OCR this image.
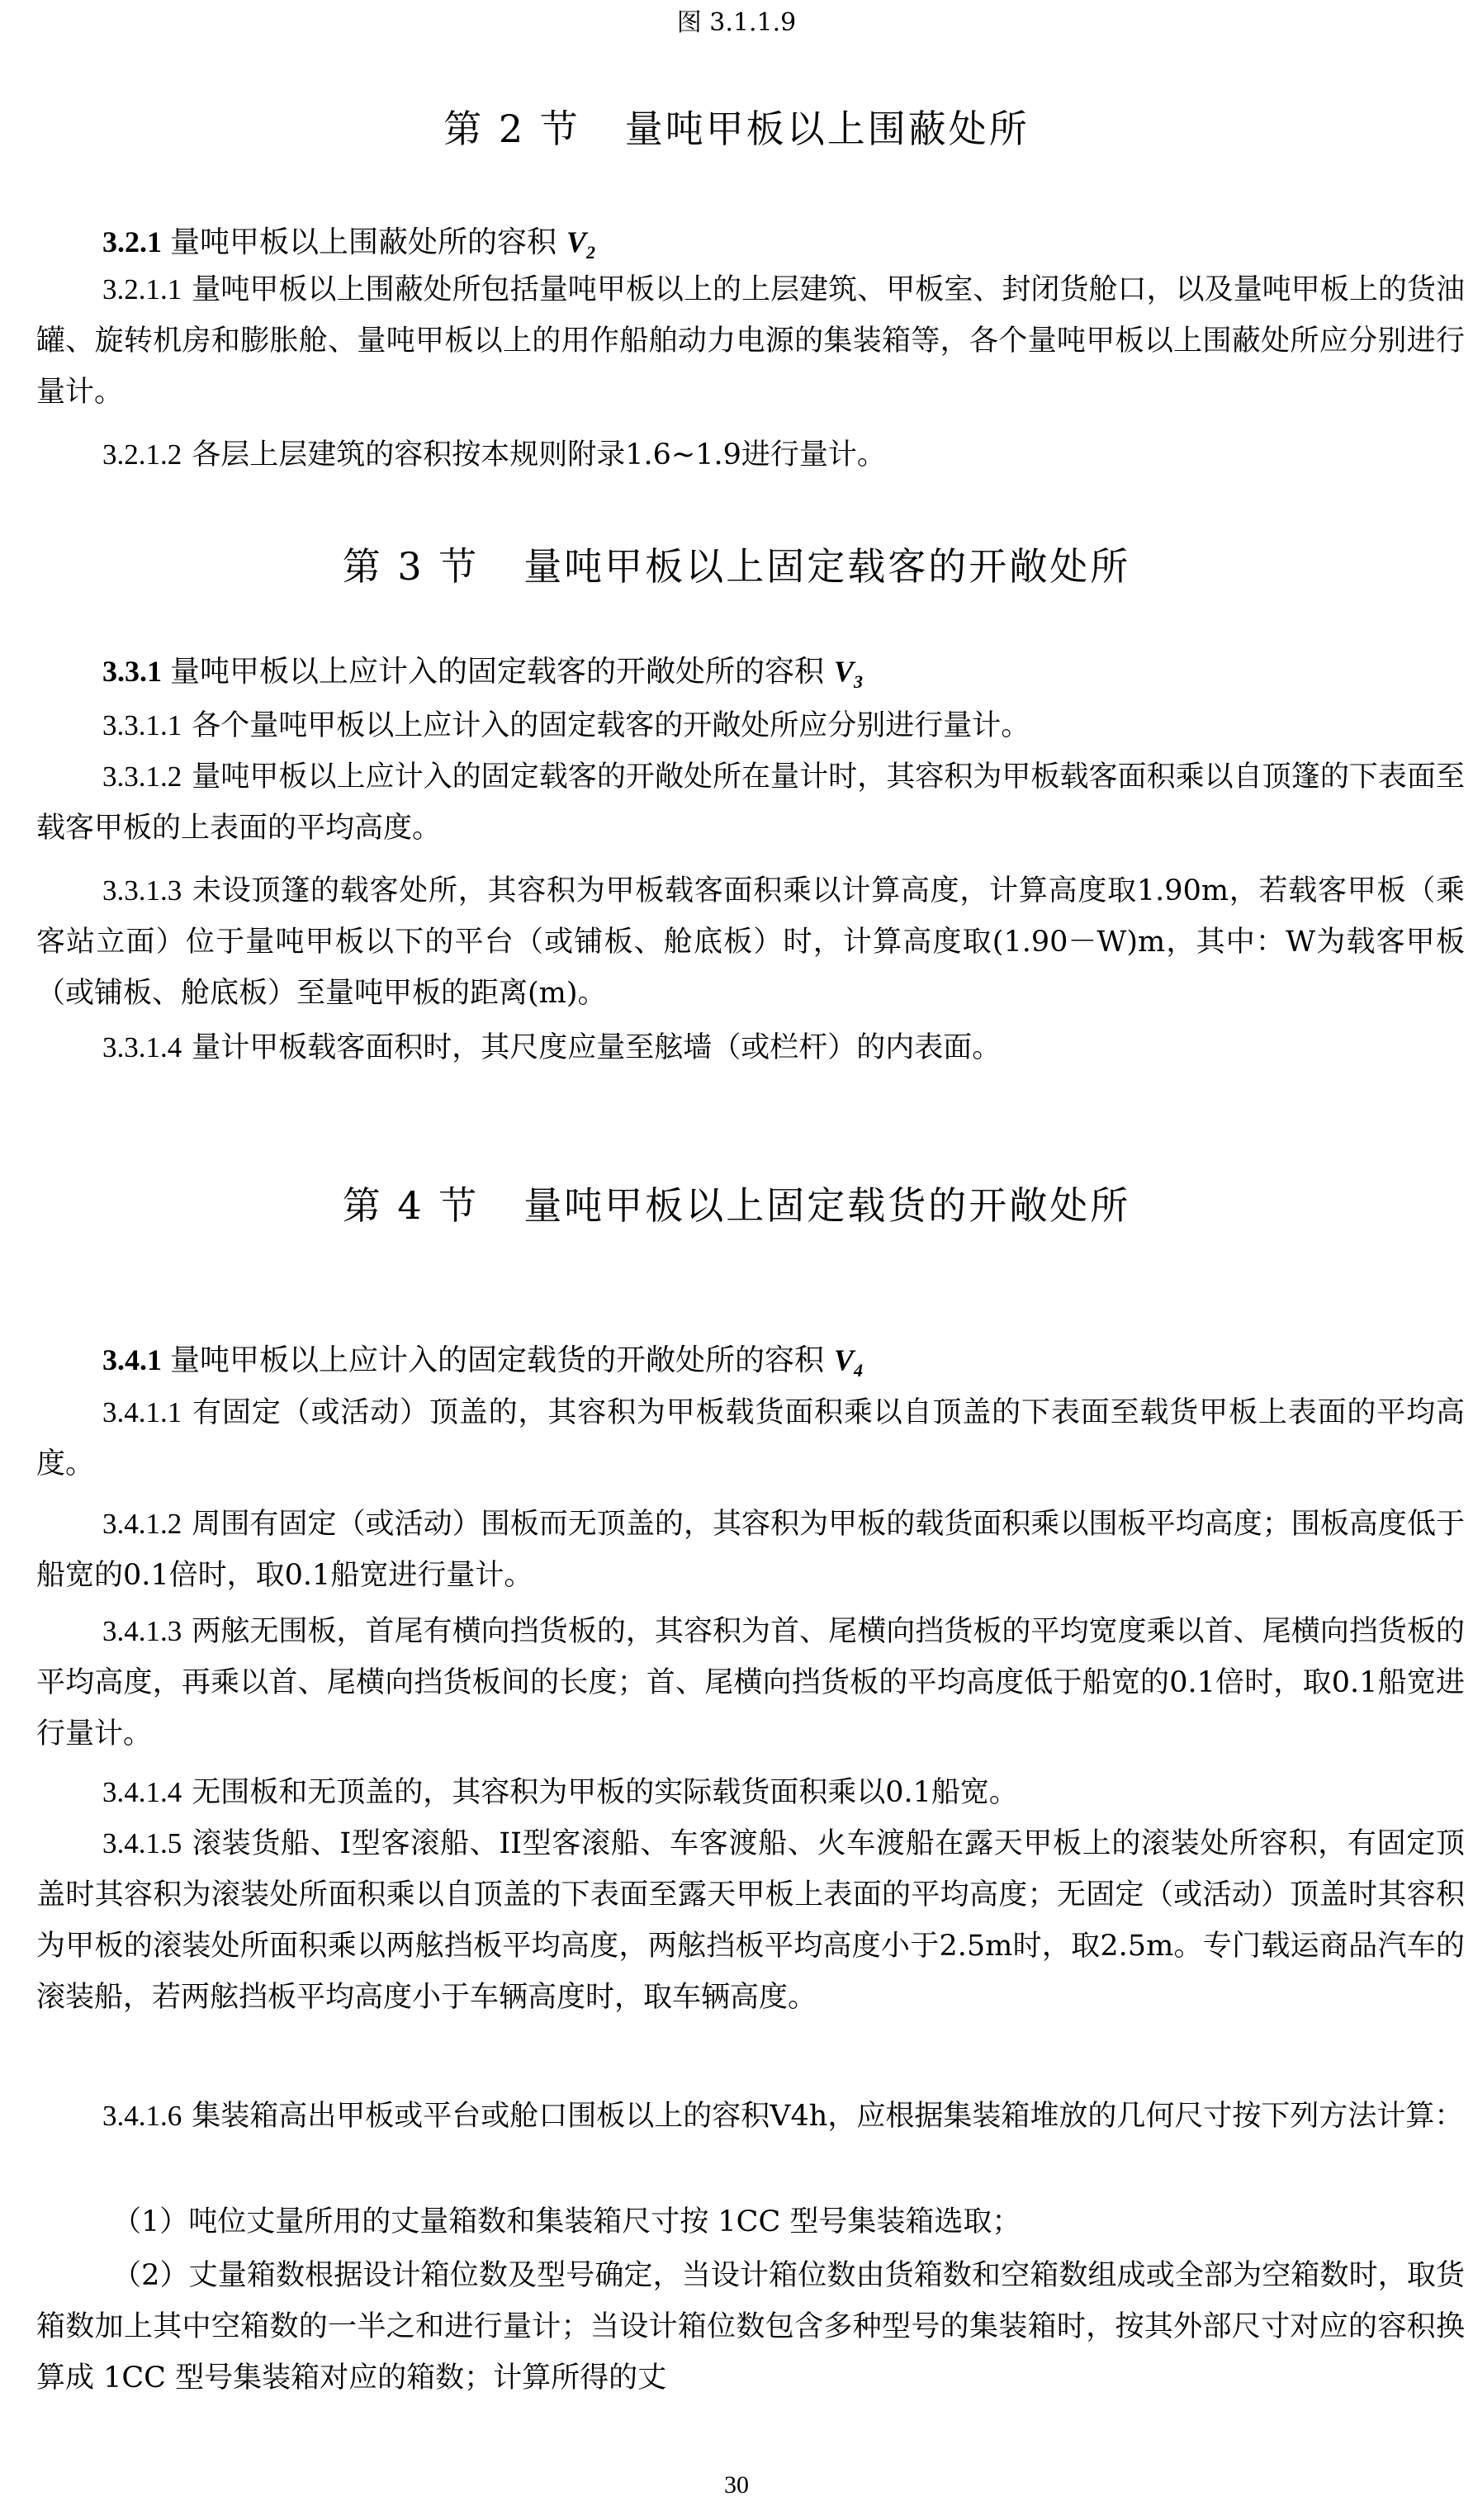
图 3.1.1.9
第 2 节 量吨甲板以上围蔽处所
3.2.1 量吨甲板以上围蔽处所的容积 $V_2$

3.2.1.1 量吨甲板以上围蔽处所包括量吨甲板以上的上层建筑、甲板室、封闭货舱口，以及量吨甲板上的货油罐、旋转机房和膨胀舱、量吨甲板以上的用作船舶动力电源的集装箱等，各个量吨甲板以上围蔽处所应分别进行量计。

3.2.1.2 各层上层建筑的容积按本规则附录1.6~1.9进行量计。

第 3 节 量吨甲板以上固定载客的开敞处所
3.3.1 量吨甲板以上应计入的固定载客的开敞处所的容积 $V_3$

3.3.1.1 各个量吨甲板以上应计入的固定载客的开敞处所应分别进行量计。

3.3.1.2 量吨甲板以上应计入的固定载客的开敞处所在量计时，其容积为甲板载客面积乘以自顶篷的下表面至载客甲板的上表面的平均高度。

3.3.1.3 未设顶篷的载客处所，其容积为甲板载客面积乘以计算高度，计算高度取1.90m，若载客甲板（乘客站立面）位于量吨甲板以下的平台（或铺板、舱底板）时，计算高度取(1.90－W)m，其中：W为载客甲板（或铺板、舱底板）至量吨甲板的距离(m)。

3.3.1.4 量计甲板载客面积时，其尺度应量至舷墙（或栏杆）的内表面。

第 4 节 量吨甲板以上固定载货的开敞处所
3.4.1 量吨甲板以上应计入的固定载货的开敞处所的容积 $V_4$

3.4.1.1 有固定（或活动）顶盖的，其容积为甲板载货面积乘以自顶盖的下表面至载货甲板上表面的平均高度。

3.4.1.2 周围有固定（或活动）围板而无顶盖的，其容积为甲板的载货面积乘以围板平均高度；围板高度低于船宽的0.1倍时，取0.1船宽进行量计。

3.4.1.3 两舷无围板，首尾有横向挡货板的，其容积为首、尾横向挡货板的平均宽度乘以首、尾横向挡货板的平均高度，再乘以首、尾横向挡货板间的长度；首、尾横向挡货板的平均高度低于船宽的0.1倍时，取0.1船宽进行量计。

3.4.1.4 无围板和无顶盖的，其容积为甲板的实际载货面积乘以0.1船宽。

3.4.1.5 滚装货船、I型客滚船、II型客滚船、车客渡船、火车渡船在露天甲板上的滚装处所容积，有固定顶盖时其容积为滚装处所面积乘以自顶盖的下表面至露天甲板上表面的平均高度；无固定（或活动）顶盖时其容积为甲板的滚装处所面积乘以两舷挡板平均高度，两舷挡板平均高度小于2.5m时，取2.5m。专门载运商品汽车的滚装船，若两舷挡板平均高度小于车辆高度时，取车辆高度。

3.4.1.6 集装箱高出甲板或平台或舱口围板以上的容积V4h，应根据集装箱堆放的几何尺寸按下列方法计算：

（1）吨位丈量所用的丈量箱数和集装箱尺寸按 1CC 型号集装箱选取；

（2）丈量箱数根据设计箱位数及型号确定，当设计箱位数由货箱数和空箱数组成或全部为空箱数时，取货箱数加上其中空箱数的一半之和进行量计；当设计箱位数包含多种型号的集装箱时，按其外部尺寸对应的容积换算成 1CC 型号集装箱对应的箱数；计算所得的丈

30
